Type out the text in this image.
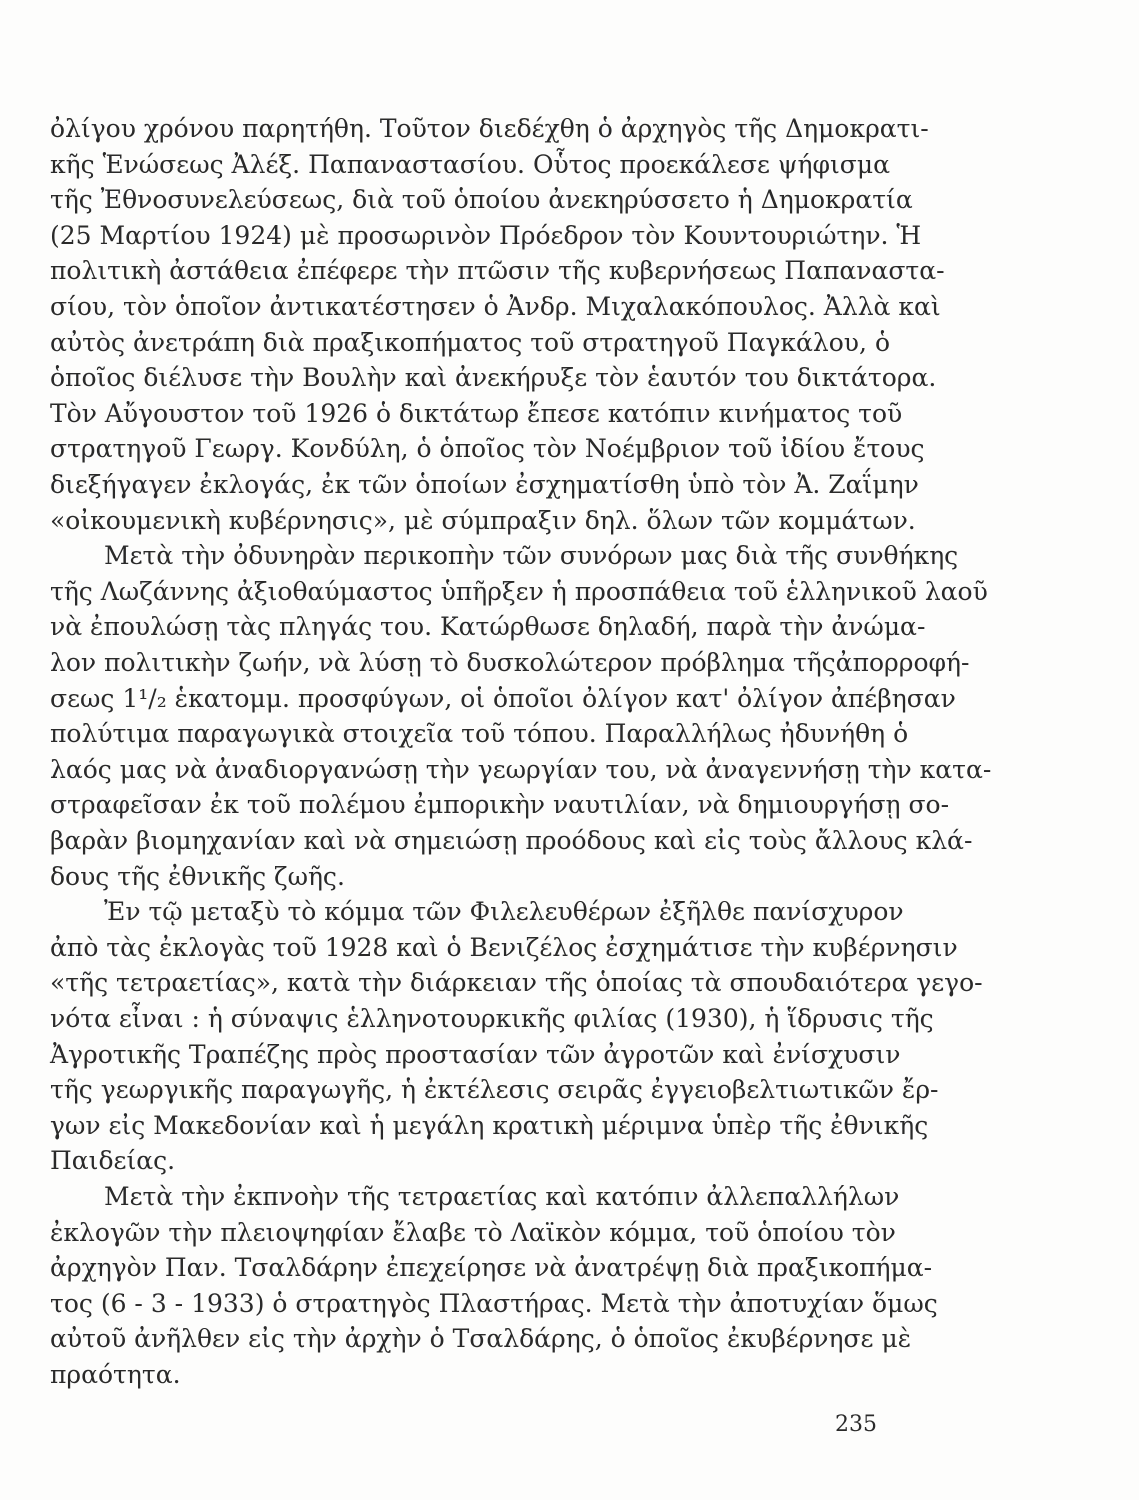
ὀλίγου χρόνου παρητήθη. Τοῦτον διεδέχθη ὁ ἀρχηγὸς τῆς Δημοκρατι-
κῆς Ἑνώσεως Ἀλέξ. Παπαναστασίου. Οὗτος προεκάλεσε ψήφισμα
τῆς Ἐθνοσυνελεύσεως, διὰ τοῦ ὁποίου ἀνεκηρύσσετο ἡ Δημοκρατία
(25 Μαρτίου 1924) μὲ προσωρινὸν Πρόεδρον τὸν Κουντουριώτην. Ἡ
πολιτικὴ ἀστάθεια ἐπέφερε τὴν πτῶσιν τῆς κυβερνήσεως Παπαναστα-
σίου, τὸν ὁποῖον ἀντικατέστησεν ὁ Ἀνδρ. Μιχαλακόπουλος. Ἀλλὰ καὶ
αὐτὸς ἀνετράπη διὰ πραξικοπήματος τοῦ στρατηγοῦ Παγκάλου, ὁ
ὁποῖος διέλυσε τὴν Βουλὴν καὶ ἀνεκήρυξε τὸν ἑαυτόν του δικτάτορα.
Τὸν Αὔγουστον τοῦ 1926 ὁ δικτάτωρ ἔπεσε κατόπιν κινήματος τοῦ
στρατηγοῦ Γεωργ. Κονδύλη, ὁ ὁποῖος τὸν Νοέμβριον τοῦ ἰδίου ἔτους
διεξήγαγεν ἐκλογάς, ἐκ τῶν ὁποίων ἐσχηματίσθη ὑπὸ τὸν Ἀ. Ζαΐμην
«οἰκουμενικὴ κυβέρνησις», μὲ σύμπραξιν δηλ. ὅλων τῶν κομμάτων.
Μετὰ τὴν ὀδυνηρὰν περικοπὴν τῶν συνόρων μας διὰ τῆς συνθήκης
τῆς Λωζάννης ἀξιοθαύμαστος ὑπῆρξεν ἡ προσπάθεια τοῦ ἑλληνικοῦ λαοῦ
νὰ ἐπουλώσῃ τὰς πληγάς του. Κατώρθωσε δηλαδή, παρὰ τὴν ἀνώμα-
λον πολιτικὴν ζωήν, νὰ λύσῃ τὸ δυσκολώτερον πρόβλημα τῆςἀπορροφή-
σεως 1¹/₂ ἑκατομμ. προσφύγων, οἱ ὁποῖοι ὀλίγον κατ' ὀλίγον ἀπέβησαν
πολύτιμα παραγωγικὰ στοιχεῖα τοῦ τόπου. Παραλλήλως ἠδυνήθη ὁ
λαός μας νὰ ἀναδιοργανώσῃ τὴν γεωργίαν του, νὰ ἀναγεννήσῃ τὴν κατα-
στραφεῖσαν ἐκ τοῦ πολέμου ἐμπορικὴν ναυτιλίαν, νὰ δημιουργήσῃ σο-
βαρὰν βιομηχανίαν καὶ νὰ σημειώσῃ προόδους καὶ εἰς τοὺς ἄλλους κλά-
δους τῆς ἐθνικῆς ζωῆς.
Ἐν τῷ μεταξὺ τὸ κόμμα τῶν Φιλελευθέρων ἐξῆλθε πανίσχυρον
ἀπὸ τὰς ἐκλογὰς τοῦ 1928 καὶ ὁ Βενιζέλος ἐσχημάτισε τὴν κυβέρνησιν
«τῆς τετραετίας», κατὰ τὴν διάρκειαν τῆς ὁποίας τὰ σπουδαιότερα γεγο-
νότα εἶναι : ἡ σύναψις ἑλληνοτουρκικῆς φιλίας (1930), ἡ ἵδρυσις τῆς
Ἀγροτικῆς Τραπέζης πρὸς προστασίαν τῶν ἀγροτῶν καὶ ἐνίσχυσιν
τῆς γεωργικῆς παραγωγῆς, ἡ ἐκτέλεσις σειρᾶς ἐγγειοβελτιωτικῶν ἔρ-
γων εἰς Μακεδονίαν καὶ ἡ μεγάλη κρατικὴ μέριμνα ὑπὲρ τῆς ἐθνικῆς
Παιδείας.
Μετὰ τὴν ἐκπνοὴν τῆς τετραετίας καὶ κατόπιν ἀλλεπαλλήλων
ἐκλογῶν τὴν πλειοψηφίαν ἔλαβε τὸ Λαϊκὸν κόμμα, τοῦ ὁποίου τὸν
ἀρχηγὸν Παν. Τσαλδάρην ἐπεχείρησε νὰ ἀνατρέψῃ διὰ πραξικοπήμα-
τος (6 - 3 - 1933) ὁ στρατηγὸς Πλαστήρας. Μετὰ τὴν ἀποτυχίαν ὅμως
αὐτοῦ ἀνῆλθεν εἰς τὴν ἀρχὴν ὁ Τσαλδάρης, ὁ ὁποῖος ἐκυβέρνησε μὲ
πραότητα.
235
